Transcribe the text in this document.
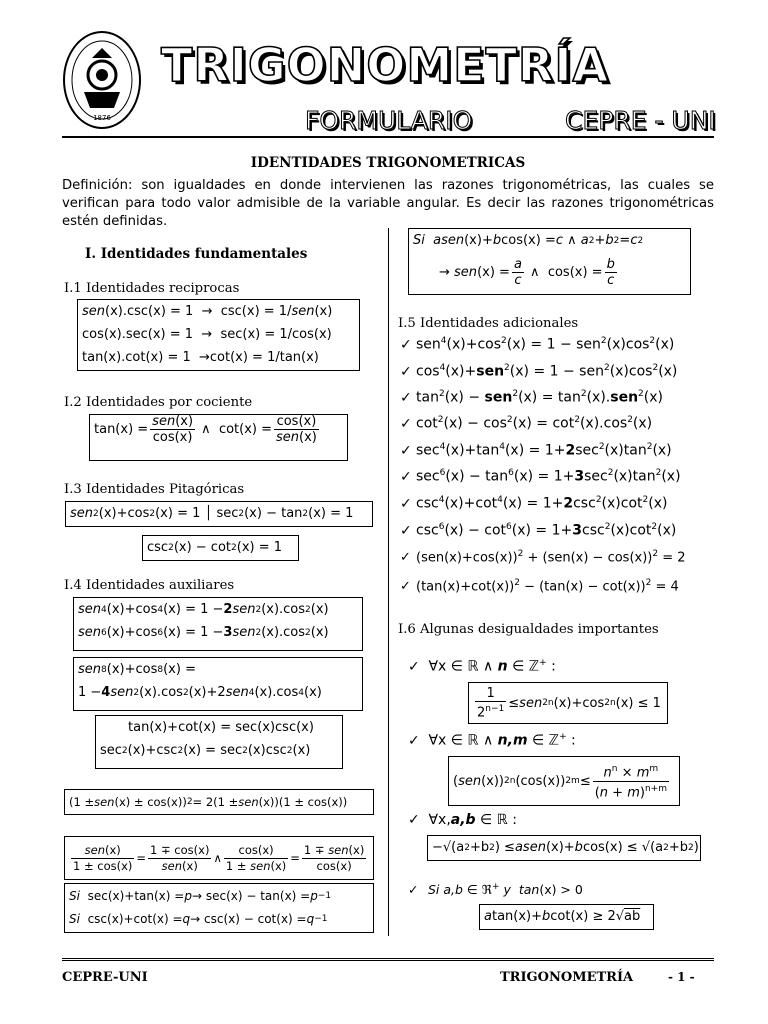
1876
TRIGONOMETRÍA
FORMULARIO	CEPRE - UNI
IDENTIDADES TRIGONOMETRICAS
Definición: son igualdades en donde intervienen las razones trigonométricas, las cuales se verifican para todo valor admisible de la variable angular. Es decir las razones trigonométricas estén definidas.
I. Identidades fundamentales
I.1 Identidades reciprocas
sen (x).csc(x) = 1  →  csc(x) = 1/ sen (x)
cos(x).sec(x) = 1  →  sec(x) = 1/cos(x)
tan(x).cot(x) = 1  →cot(x) = 1/tan(x)
I.2 Identidades por cociente
$\tan(x) = \frac{\text{sen(x)}}{\cos(x)}$ ∧  $\cot(x) = \frac{\cos(x)}{\text{sen(x)}}$
I.3 Identidades Pitagóricas
sen 2 (x)+cos 2 (x) = 1 │ sec 2 (x) − tan 2 (x) = 1
csc 2 (x) − cot 2 (x) = 1
I.4 Identidades auxiliares
sen 4 (x)+cos 4 (x) = 1 − 2 sen 2 (x).cos 2 (x)
sen 6 (x)+cos 6 (x) = 1 − 3 sen 2 (x).cos 2 (x)
sen 8 (x)+cos 8 (x) =
1 − 4 sen 2 (x).cos 2 (x)+2 sen 4 (x).cos 4 (x)
tan(x)+cot(x) = sec(x)csc(x)
sec 2 (x)+csc 2 (x) = sec 2 (x)csc 2 (x)
(1 ± sen (x) ± cos(x)) 2 = 2(1 ± sen (x))(1 ± cos(x))
$\frac{\text{sen(x)}}{1 \pm \cos(x)} = \frac{1 \mp \cos(x)}{\text{sen(x)}}$ ∧ $\frac{\cos(x)}{\text{1 ± sen(x)}} = \frac{\text{1 ∓ sen(x)}}{\cos(x)}$
Si sec(x)+tan(x) = p → sec(x) − tan(x) = p −1
Si csc(x)+cot(x) = q → csc(x) − cot(x) = q −1
Si  asen (x)+ b cos(x) = c ∧ a 2 + b 2 = c 2
→ sen $(x) = \frac{a}{c}$ ∧  $\cos(x) = \frac{b}{c}$
I.5 Identidades adicionales
✓ $sen^4(x)+\cos^2(x) = 1 - sen^2(x)\cos^2(x)$
✓ $\cos^4(x)+sen^2(x) = 1 - sen^2(x)\cos^2(x)$
✓ $\tan^2(x) - sen^2(x) = \tan^2(x).sen^2(x)$
✓ $\cot^2(x) - \cos^2(x) = \cot^2(x).\cos^2(x)$
✓ $\sec^4(x)+\tan^4(x) = 1+2\sec^2(x)\tan^2(x)$
✓ $\sec^6(x) - \tan^6(x) = 1+3\sec^2(x)\tan^2(x)$
✓ $\csc^4(x)+\cot^4(x) = 1+2\csc^2(x)\cot^2(x)$
✓ $\csc^6(x) - \cot^6(x) = 1+3\csc^2(x)\cot^2(x)$
✓ $(sen(x)+\cos(x))^2 + (sen(x) - \cos(x))^2 = 2$
✓ $(\tan(x)+\cot(x))^2 - (\tan(x) - \cot(x))^2 = 4$
I.6 Algunas desigualdades importantes
✓ ∀x ∈ ℝ ∧ n ∈ ℤ+ :
$\frac{1}{2^{n-1}}$ ≤ sen 2n (x)+cos 2n (x) ≤ 1
✓ ∀x ∈ ℝ ∧ n,m ∈ ℤ+ :
( sen (x)) 2n (cos(x)) $2m \le \frac{n^n \times m^m}{(n + m)^{n+m}}$
✓ ∀x,a,b ∈ ℝ :
−√(a 2 +b 2 ) ≤ asen (x)+ b cos(x) ≤ √(a 2 +b 2 )
✓ Si a,b ∈ ℜ+ y  tan(x) > 0
a tan(x)+ b cot(x) ≥ 2√ ab
CEPRE-UNI	TRIGONOMETRÍA	- 1 -
